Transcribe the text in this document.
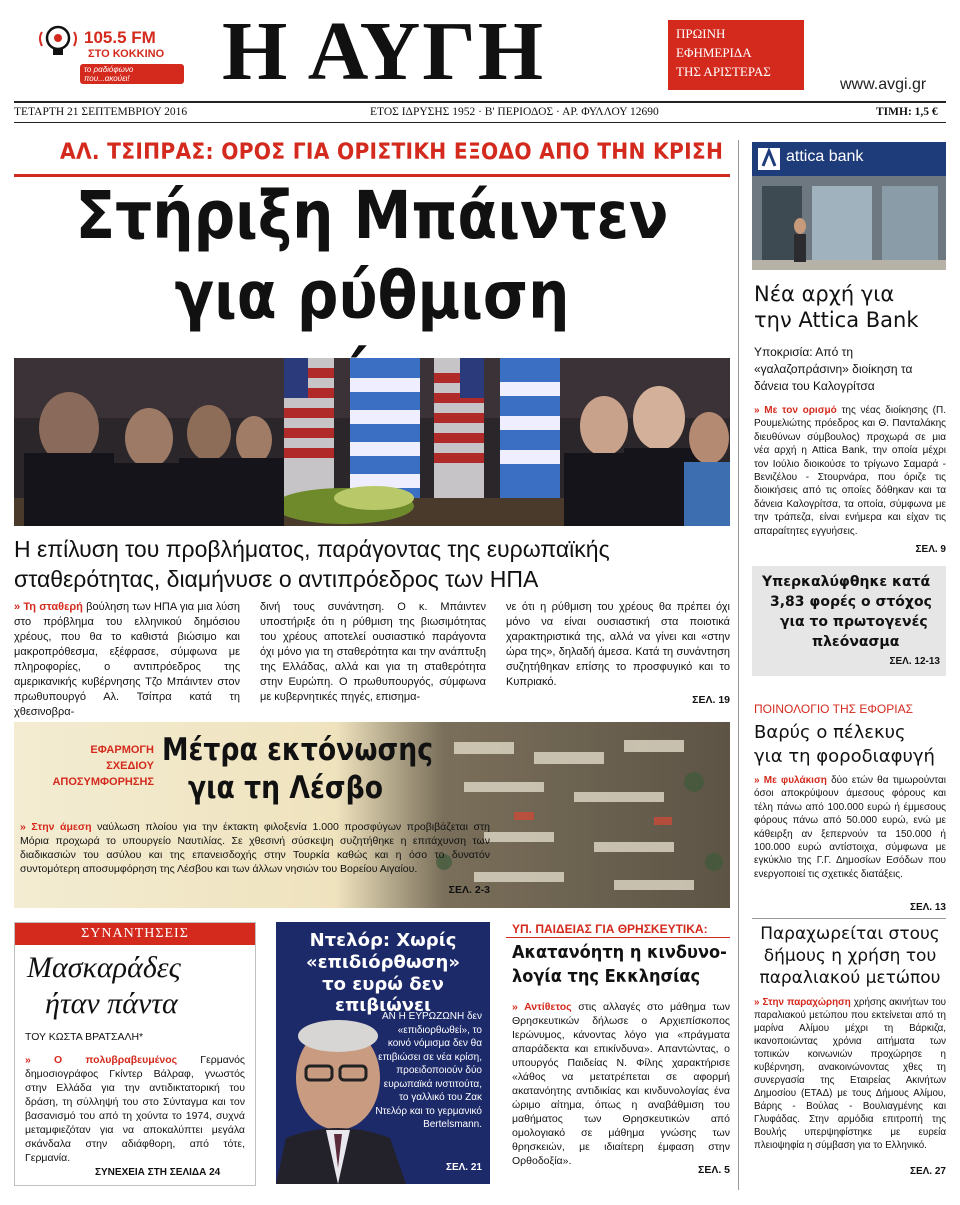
105.5 FM
ΣΤΟ ΚΟΚΚΙΝΟ
το ραδιόφωνο που...ακούει!	Η ΑΥΓΗ	ΠΡΩΙΝΗ
ΕΦΗΜΕΡΙΔΑ
ΤΗΣ ΑΡΙΣΤΕΡΑΣ
www.avgi.gr
ΤΕΤΑΡΤΗ 21 ΣΕΠΤΕΜΒΡΙΟΥ 2016	ΕΤΟΣ ΙΔΡΥΣΗΣ 1952 · Β' ΠΕΡΙΟΔΟΣ · ΑΡ. ΦΥΛΛΟΥ 12690	ΤΙΜΗ: 1,5 €
ΑΛ. ΤΣΙΠΡΑΣ: ΟΡΟΣ ΓΙΑ ΟΡΙΣΤΙΚΗ ΕΞΟΔΟ ΑΠΟ ΤΗΝ ΚΡΙΣΗ
Στήριξη Μπάιντεν
για ρύθμιση
Η επίλυση του προβλήματος, παράγοντας της ευρωπαϊκής σταθερότητας, διαμήνυσε ο αντιπρόεδρος των ΗΠΑ
» Τη σταθερή βούληση των ΗΠΑ για μια λύση στο πρόβλημα του ελληνικού δημόσιου χρέους, που θα το καθιστά βιώσιμο και μακροπρόθεσμα, εξέφρασε, σύμφωνα με πληροφορίες, ο αντιπρόεδρος της αμερικανικής κυβέρνησης Τζο Μπάιντεν στον πρωθυπουργό Αλ. Τσίπρα κατά τη χθεσινοβρα-
δινή τους συνάντηση. Ο κ. Μπάιντεν υποστήριξε ότι η ρύθμιση της βιωσιμότητας του χρέους αποτελεί ουσιαστικό παράγοντα όχι μόνο για τη σταθερότητα και την ανάπτυξη της Ελλάδας, αλλά και για τη σταθερότητα στην Ευρώπη. Ο πρωθυπουργός, σύμφωνα με κυβερνητικές πηγές, επισημα-
νε ότι η ρύθμιση του χρέους θα πρέπει όχι μόνο να είναι ουσιαστική στα ποιοτικά χαρακτηριστικά της, αλλά να γίνει και «στην ώρα της», δηλαδή άμεσα. Κατά τη συνάντηση συζητήθηκαν επίσης το προσφυγικό και το Κυπριακό.
ΣΕΛ. 19
ΕΦΑΡΜΟΓΗ
ΣΧΕΔΙΟΥ
ΑΠΟΣΥΜΦΟΡΗΣΗΣ
Μέτρα εκτόνωσης
για τη Λέσβο
» Στην άμεση ναύλωση πλοίου για την έκτακτη φιλοξενία 1.000 προσφύγων προβιβάζεται στη Μόρια προχωρά το υπουργείο Ναυτιλίας. Σε χθεσινή σύσκεψη συζητήθηκε η επιτάχυνση των διαδικασιών του ασύλου και της επανεισδοχής στην Τουρκία καθώς και η όσο το δυνατόν συντομότερη αποσυμφόρηση της Λέσβου και των άλλων νησιών του Βορείου Αιγαίου.
ΣΕΛ. 2-3
ΣΥΝΑΝΤΗΣΕΙΣ
Μασκαράδες
ήταν πάντα
ΤΟΥ ΚΩΣΤΑ ΒΡΑΤΣΑΛΗ*
» Ο πολυβραβευμένος Γερμανός δημοσιογράφος Γκίντερ Βάλραφ, γνωστός στην Ελλάδα για την αντιδικτατορική του δράση, τη σύλληψή του στο Σύνταγμα και τον βασανισμό του από τη χούντα το 1974, συχνά μεταμφιεζόταν για να αποκαλύπτει μεγάλα σκάνδαλα στην αδιάφθορη, από τότε, Γερμανία.
ΣΥΝΕΧΕΙΑ ΣΤΗ ΣΕΛΙΔΑ 24
Ντελόρ: Χωρίς
«επιδιόρθωση»
το ευρώ δεν επιβιώνει
ΑΝ Η ΕΥΡΩΖΩΝΗ δεν «επιδιορθωθεί», το κοινό νόμισμα δεν θα επιβιώσει σε νέα κρίση, προειδοποιούν δύο ευρωπαϊκά ινστιτούτα, το γαλλικό του Ζακ Ντελόρ και το γερμανικό Bertelsmann.
ΣΕΛ. 21
ΥΠ. ΠΑΙΔΕΙΑΣ ΓΙΑ ΘΡΗΣΚΕΥΤΙΚΑ:
Ακατανόητη η κινδυνο-
λογία της Εκκλησίας
» Αντίθετος στις αλλαγές στο μάθημα των Θρησκευτικών δήλωσε ο Αρχιεπίσκοπος Ιερώνυμος, κάνοντας λόγο για «πράγματα απαράδεκτα και επικίνδυνα». Απαντώντας, ο υπουργός Παιδείας Ν. Φίλης χαρακτήρισε «λάθος να μετατρέπεται σε αφορμή ακατανόητης αντιδικίας και κινδυνολογίας ένα ώριμο αίτημα, όπως η αναβάθμιση του μαθήματος των Θρησκευτικών από ομολογιακό σε μάθημα γνώσης των θρησκειών, με ιδιαίτερη έμφαση στην Ορθοδοξία».
ΣΕΛ. 5
attica bank
Νέα αρχή για
την Attica Bank
Υποκρισία: Από τη «γαλαζοπράσινη» διοίκηση τα δάνεια του Καλογρίτσα
» Με τον ορισμό της νέας διοίκησης (Π. Ρουμελιώτης πρόεδρος και Θ. Πανταλάκης διευθύνων σύμβουλος) προχωρά σε μια νέα αρχή η Attica Bank, την οποία μέχρι τον Ιούλιο διοικούσε το τρίγωνο Σαμαρά - Βενιζέλου - Στουρνάρα, που όριζε τις διοικήσεις από τις οποίες δόθηκαν και τα δάνεια Καλογρίτσα, τα οποία, σύμφωνα με την τράπεζα, είναι ενήμερα και είχαν τις απαραίτητες εγγυήσεις.
ΣΕΛ. 9
Υπερκαλύφθηκε κατά
3,83 φορές ο στόχος
για το πρωτογενές
πλεόνασμα
ΣΕΛ. 12-13
ΠΟΙΝΟΛΟΓΙΟ ΤΗΣ ΕΦΟΡΙΑΣ
Βαρύς ο πέλεκυς
για τη φοροδιαφυγή
» Με φυλάκιση δύο ετών θα τιμωρούνται όσοι αποκρύψουν άμεσους φόρους και τέλη πάνω από 100.000 ευρώ ή έμμεσους φόρους πάνω από 50.000 ευρώ, ενώ με κάθειρξη αν ξεπερνούν τα 150.000 ή 100.000 ευρώ αντίστοιχα, σύμφωνα με εγκύκλιο της Γ.Γ. Δημοσίων Εσόδων που ενεργοποιεί τις σχετικές διατάξεις.
ΣΕΛ. 13
Παραχωρείται στους
δήμους η χρήση του
παραλιακού μετώπου
» Στην παραχώρηση χρήσης ακινήτων του παραλιακού μετώπου που εκτείνεται από τη μαρίνα Αλίμου μέχρι τη Βάρκιζα, ικανοποιώντας χρόνια αιτήματα των τοπικών κοινωνιών προχώρησε η κυβέρνηση, ανακοινώνοντας χθες τη συνεργασία της Εταιρείας Ακινήτων Δημοσίου (ΕΤΑΔ) με τους Δήμους Αλίμου, Βάρης - Βούλας - Βουλιαγμένης και Γλυφάδας. Στην αρμόδια επιτροπή της Βουλής υπερψηφίστηκε με ευρεία πλειοψηφία η σύμβαση για το Ελληνικό.
ΣΕΛ. 27
